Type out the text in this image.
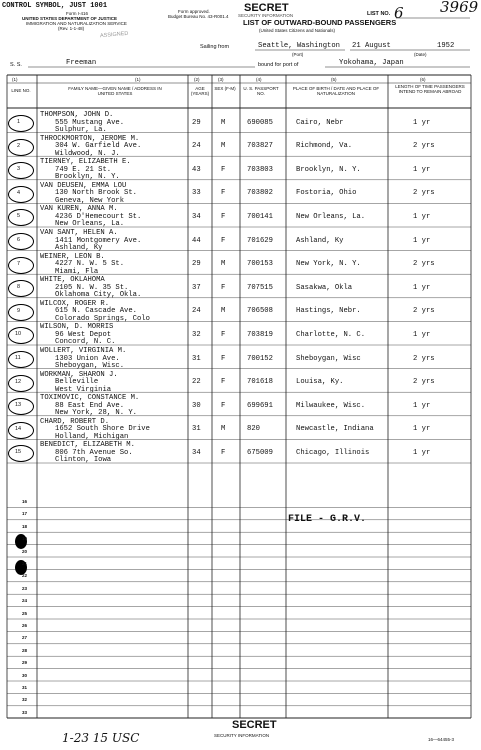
CONTROL SYMBOL, JUST 1001
Form I-416
UNITED STATES DEPARTMENT OF JUSTICE
IMMIGRATION AND NATURALIZATION SERVICE
(Rev. 1-1-48)
Form approved.
Budget Bureau No. 43-R001.4
SECRET
SECURITY INFORMATION
LIST OF OUTWARD-BOUND PASSENGERS
(United States Citizens and Nationals)
LIST NO. 6 3969
ASSIGNED
Sailing from	Seattle, Washington
(Port)
21 August	1952
(Date)
S. S.	Freeman	bound for port of	Yokohama, Japan
(1)	(1)	(2)	(3)	(4)	(5)	(6)
LINE NO.	FAMILY NAME—GIVEN NAME / ADDRESS IN UNITED STATES
AGE (YEARS)
SEX (F-M)	U. S. PASSPORT NO.
PLACE OF BIRTH / DATE AND PLACE OF NATURALIZATION
LENGTH OF TIME PASSENGERS INTEND TO REMAIN ABROAD
1
THOMPSON, JOHN D.
555 Mustang Ave.
Sulphur, La.
29	M	690085	Cairo, Nebr	1 yr
2
THROCKMORTON, JEROME M.
304 W. Garfield Ave.
Wildwood, N. J.
24	M	703827	Richmond, Va.	2 yrs
3
TIERNEY, ELIZABETH E.
749 E. 21 St.
Brooklyn, N. Y.
43	F	703803	Brooklyn, N. Y.	1 yr
4
VAN DEUSEN, EMMA LOU
130 North Brook St.
Geneva, New York
33	F	703802	Fostoria, Ohio	2 yrs
5
VAN KUREN, ANNA M.
4236 D'Hemecourt St.
New Orleans, La.
34	F	700141	New Orleans, La.	1 yr
6
VAN SANT, HELEN A.
1411 Montgomery Ave.
Ashland, Ky
44	F	701629	Ashland, Ky	1 yr
7
WEINER, LEON B.
4227 N. W. 5 St.
Miami, Fla
29	M	700153	New York, N. Y.	2 yrs
8
WHITE, OKLAHOMA
2105 N. W. 35 St.
Oklahoma City, Okla.
37	F	707515	Sasakwa, Okla	1 yr
9
WILCOX, ROGER R.
615 N. Cascade Ave.
Colorado Springs, Colo
24	M	706508	Hastings, Nebr.	2 yrs
10
WILSON, D. MORRIS
96 West Depot
Concord, N. C.
32	F	703819	Charlotte, N. C.	1 yr
11
WOLLERT, VIRGINIA M.
1303 Union Ave.
Sheboygan, Wisc.
31	F	700152	Sheboygan, Wisc	2 yrs
12
WORKMAN, SHARON J.
Belleville
West Virginia
22	F	701618	Louisa, Ky.	2 yrs
13
TOXIMOVIC, CONSTANCE M.
88 East End Ave.
New York, 28, N. Y.
30	F	699691	Milwaukee, Wisc.	1 yr
14
CHARD, ROBERT D.
1652 South Shore Drive
Holland, Michigan
31	M	820	Newcastle, Indiana	1 yr
15
BENEDICT, ELIZABETH M.
806 7th Avenue So.
Clinton, Iowa
34	F	675009	Chicago, Illinois	1 yr
16
17
18
19
20
21
22
23
24
25
26
27
28
29
30
31
32
33
FILE - G.R.V.
SECRET
SECURITY INFORMATION
1-23 15 USC	16—64455-3
